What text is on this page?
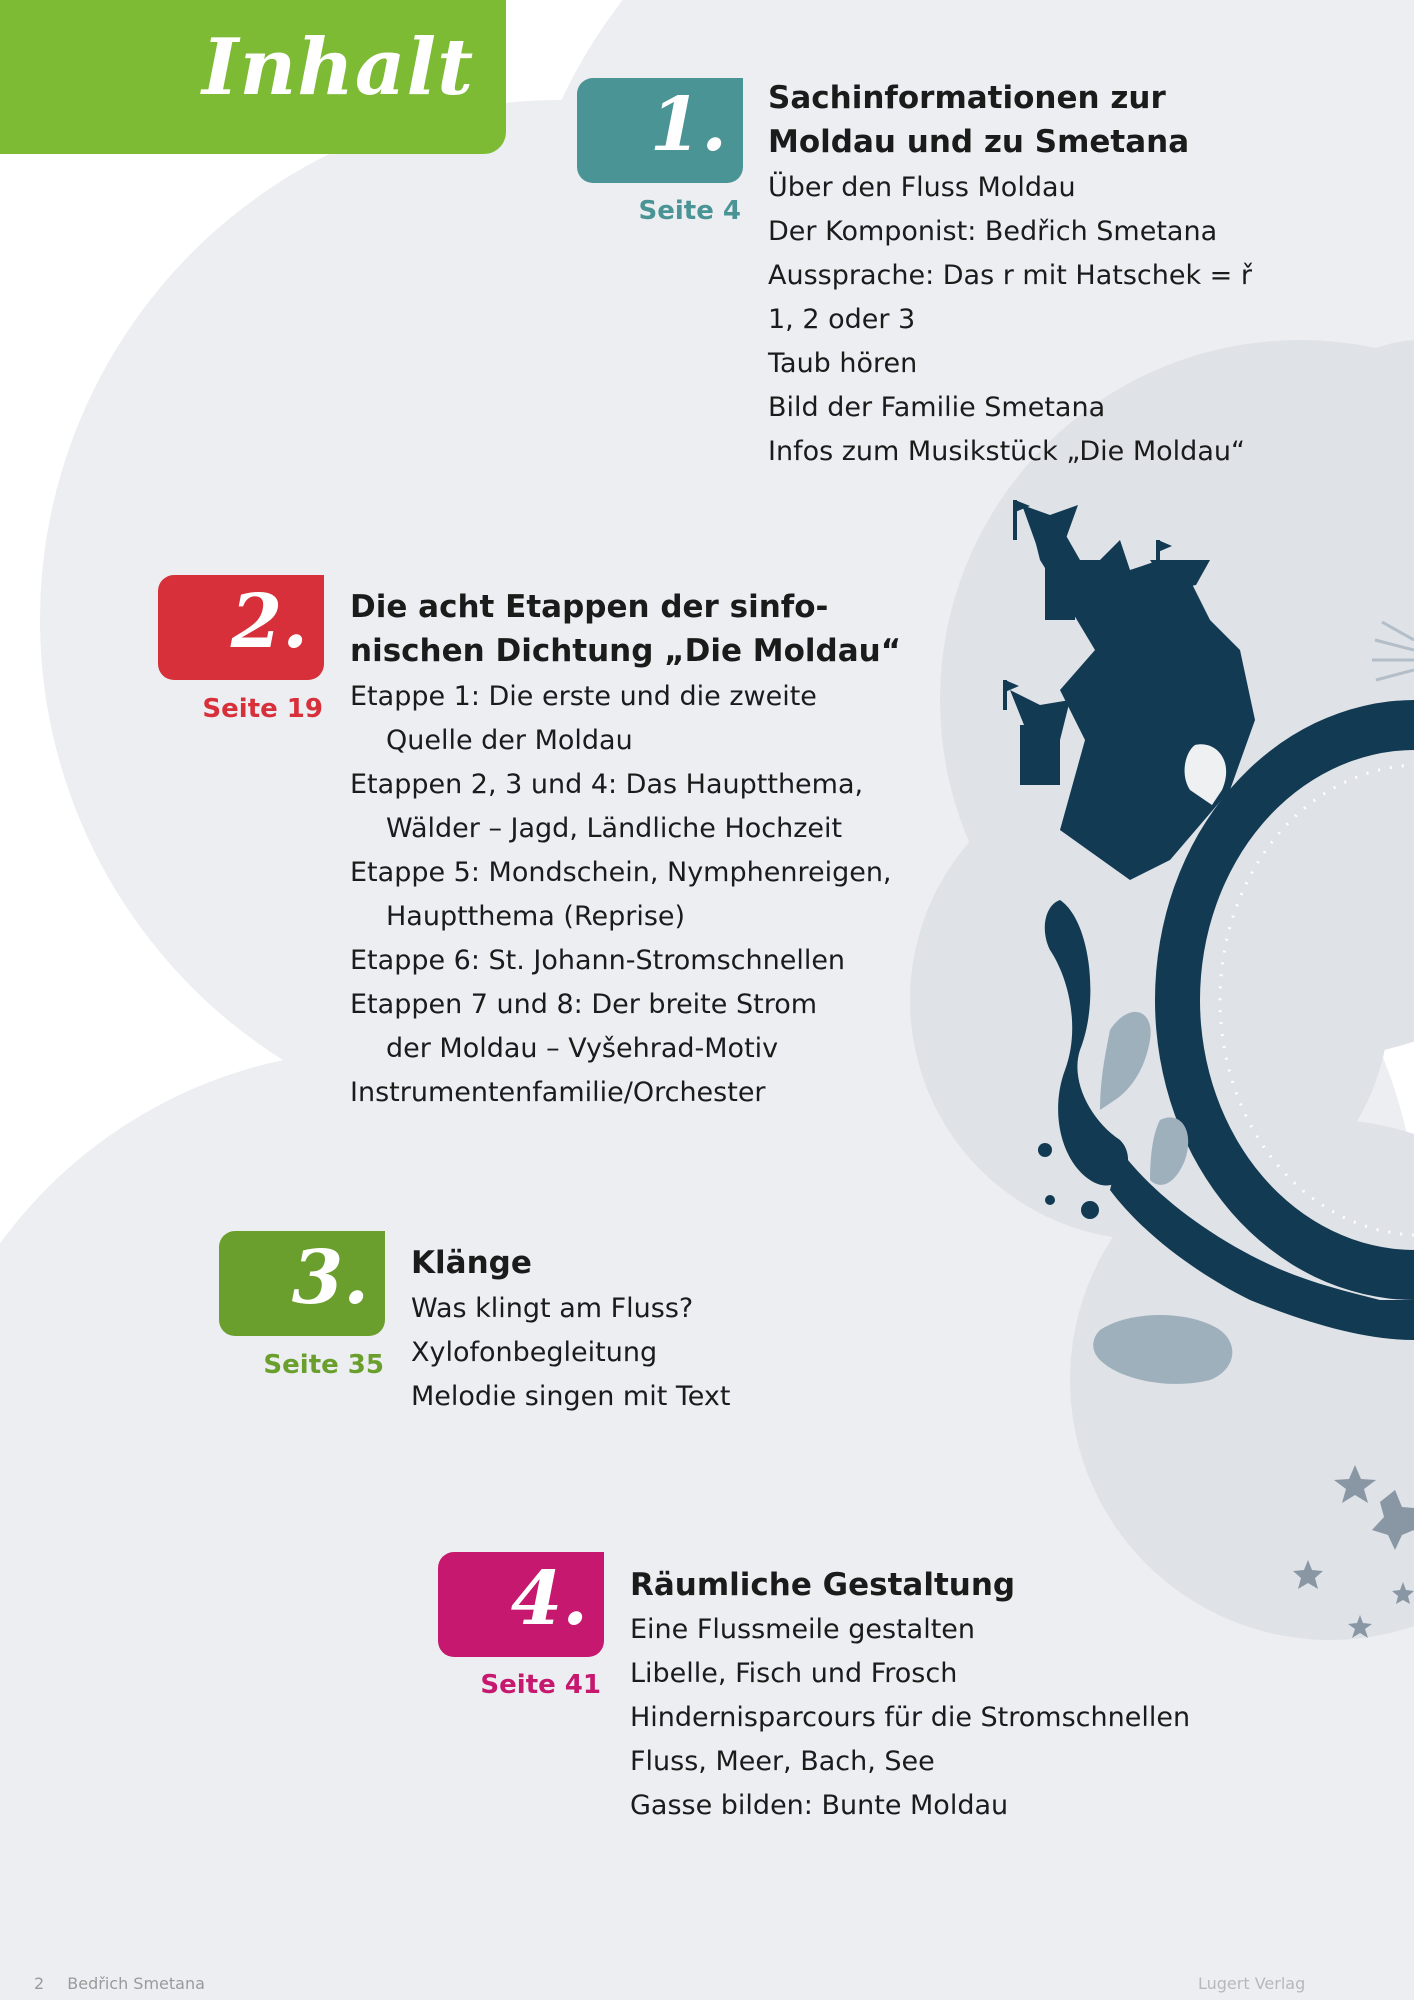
Inhalt
1.
Seite 4
Sachinformationen zur
Moldau und zu Smetana
Über den Fluss Moldau
Der Komponist: Bedřich Smetana
Aussprache: Das r mit Hatschek = ř
1, 2 oder 3
Taub hören
Bild der Familie Smetana
Infos zum Musikstück „Die Moldau“
2.
Seite 19
Die acht Etappen der sinfo-
nischen Dichtung „Die Moldau“
Etappe 1: Die erste und die zweite
Quelle der Moldau
Etappen 2, 3 und 4: Das Hauptthema,
Wälder – Jagd, Ländliche Hochzeit
Etappe 5: Mondschein, Nymphenreigen,
Hauptthema (Reprise)
Etappe 6: St. Johann-Stromschnellen
Etappen 7 und 8: Der breite Strom
der Moldau – Vyšehrad-Motiv
Instrumentenfamilie/Orchester
3.
Seite 35
Klänge
Was klingt am Fluss?
Xylofonbegleitung
Melodie singen mit Text
4.
Seite 41
Räumliche Gestaltung
Eine Flussmeile gestalten
Libelle, Fisch und Frosch
Hindernisparcours für die Stromschnellen
Fluss, Meer, Bach, See
Gasse bilden: Bunte Moldau
2 Bedřich Smetana	Lugert Verlag
